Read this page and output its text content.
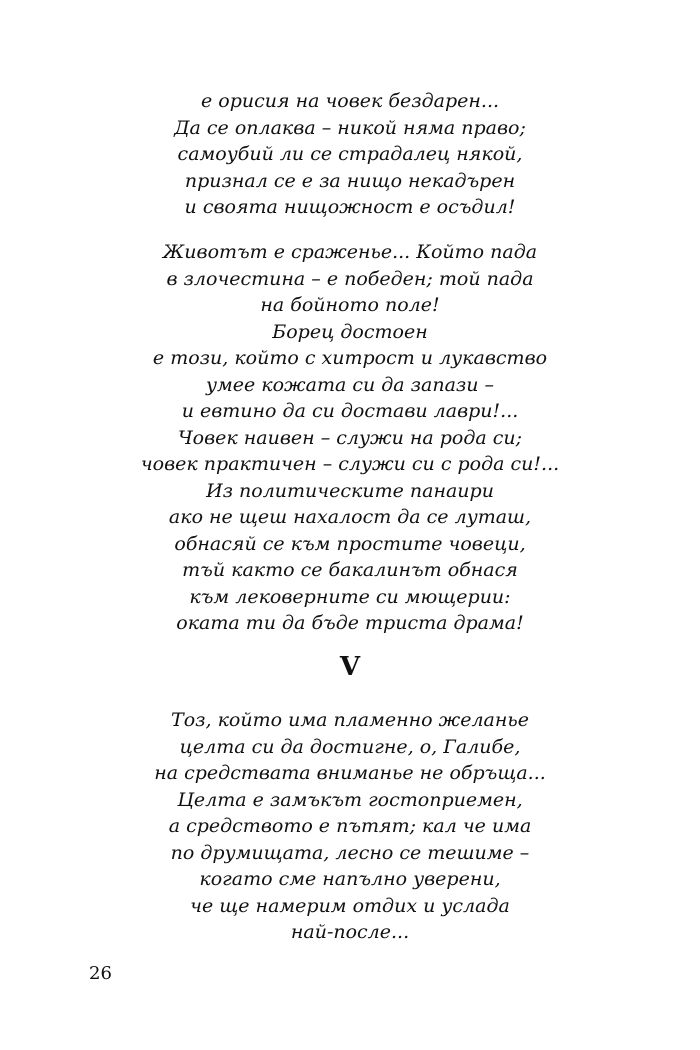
е орисия на човек бездарен...
Да се оплаква – никой няма право;
самоубий ли се страдалец някой,
признал се е за нищо некадърен
и своята нищожност е осъдил!
Животът е сраженье... Който пада
в злочестина – е победен; той пада
на бойното поле!
Борец достоен
е този, който с хитрост и лукавство
умее кожата си да запази –
и евтино да си достави лаври!...
Човек наивен – служи на рода си;
човек практичен – служи си с рода си!...
Из политическите панаири
ако не щеш нахалост да се луташ,
обнасяй се към простите човеци,
тъй както се бакалинът обнася
към лековерните си мющерии:
оката ти да бъде триста драма!
V
Тоз, който има пламенно желанье
целта си да достигне, о, Галибе,
на средствата вниманье не обръща...
Целта е замъкът гостоприемен,
а средството е пътят; кал че има
по друмищата, лесно се тешиме –
когато сме напълно уверени,
че ще намерим отдих и услада
най-после...
26
